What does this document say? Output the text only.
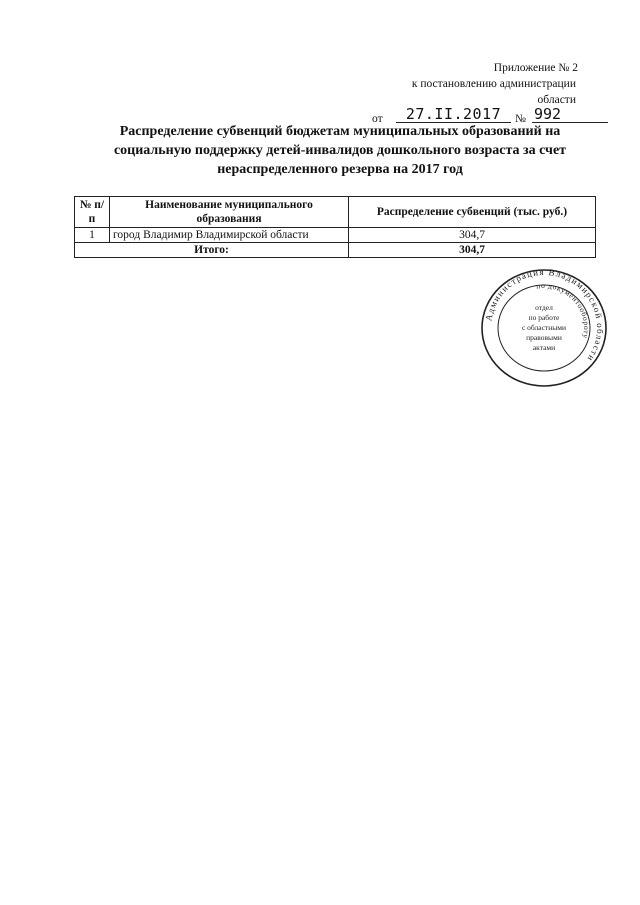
Приложение № 2
к постановлению администрации области
от	27.II.2017	№ 992
Распределение субвенций бюджетам муниципальных образований на
социальную поддержку детей-инвалидов дошкольного возраста за счет
нераспределенного резерва на 2017 год
№ п/п	Наименование муниципального образования	Распределение субвенций (тыс. руб.)
1	город Владимир Владимирской области	304,7
Итого:		304,7
Администрация Владимирской области
по документообороту
отдел
по работе
с областными
правовыми
актами
